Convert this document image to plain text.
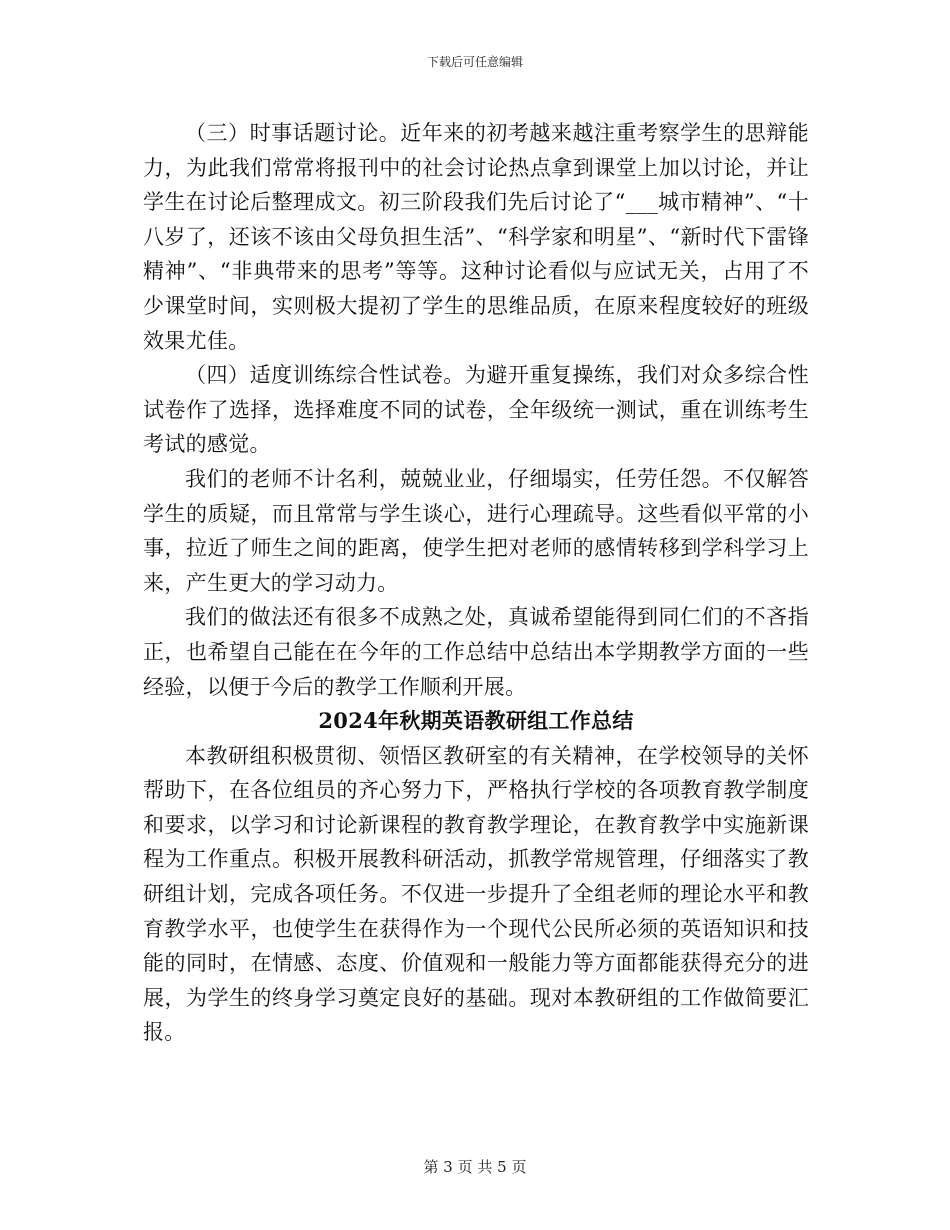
下载后可任意编辑

（三）时事话题讨论。近年来的初考越来越注重考察学生的思辩能力，为此我们常常将报刊中的社会讨论热点拿到课堂上加以讨论，并让学生在讨论后整理成文。初三阶段我们先后讨论了“___城市精神”、“十八岁了，还该不该由父母负担生活”、“科学家和明星”、“新时代下雷锋精神”、“非典带来的思考”等等。这种讨论看似与应试无关，占用了不少课堂时间，实则极大提初了学生的思维品质，在原来程度较好的班级效果尤佳。

（四）适度训练综合性试卷。为避开重复操练，我们对众多综合性试卷作了选择，选择难度不同的试卷，全年级统一测试，重在训练考生考试的感觉。

我们的老师不计名利，兢兢业业，仔细塌实，任劳任怨。不仅解答学生的质疑，而且常常与学生谈心，进行心理疏导。这些看似平常的小事，拉近了师生之间的距离，使学生把对老师的感情转移到学科学习上来，产生更大的学习动力。

我们的做法还有很多不成熟之处，真诚希望能得到同仁们的不吝指正，也希望自己能在在今年的工作总结中总结出本学期教学方面的一些经验，以便于今后的教学工作顺利开展。

2024年秋期英语教研组工作总结

本教研组积极贯彻、领悟区教研室的有关精神，在学校领导的关怀帮助下，在各位组员的齐心努力下，严格执行学校的各项教育教学制度和要求，以学习和讨论新课程的教育教学理论，在教育教学中实施新课程为工作重点。积极开展教科研活动，抓教学常规管理，仔细落实了教研组计划，完成各项任务。不仅进一步提升了全组老师的理论水平和教育教学水平，也使学生在获得作为一个现代公民所必须的英语知识和技能的同时，在情感、态度、价值观和一般能力等方面都能获得充分的进展，为学生的终身学习奠定良好的基础。现对本教研组的工作做简要汇报。

第 3 页 共 5 页
